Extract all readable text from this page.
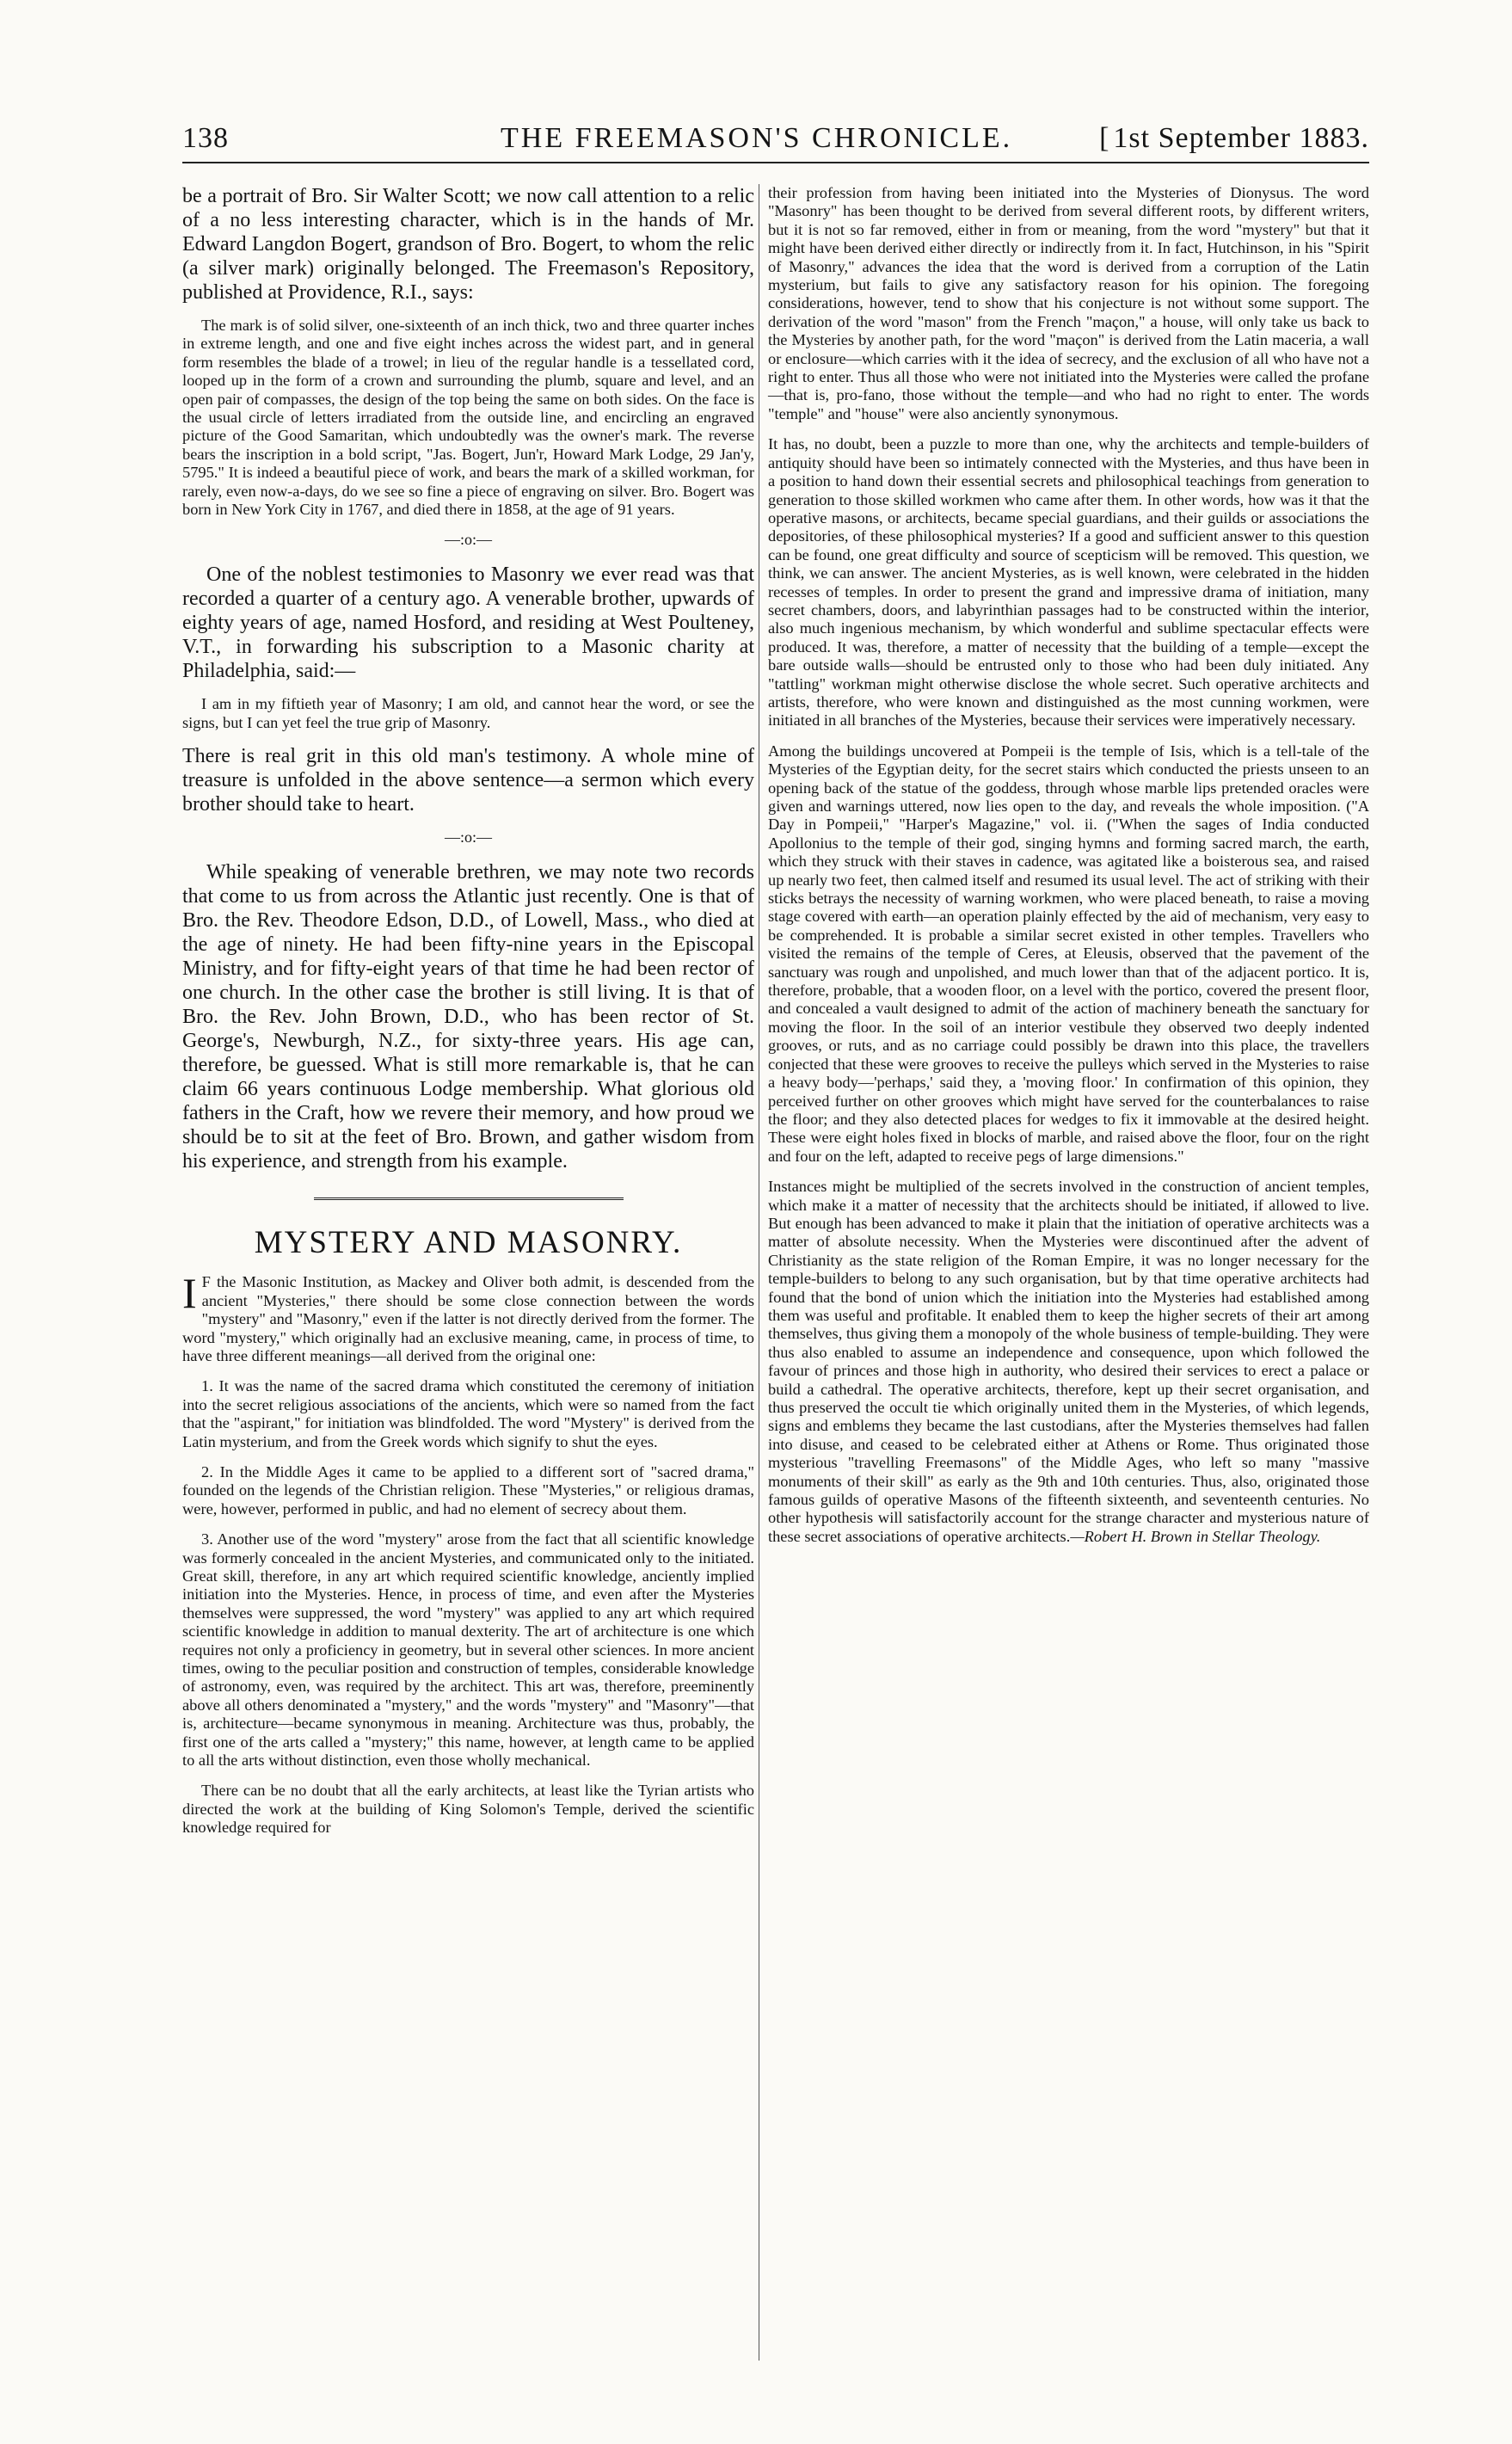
138	THE FREEMASON'S CHRONICLE.
[	1st September 1883.

be a portrait of Bro. Sir Walter Scott; we now call attention to a relic of a no less interesting character, which is in the hands of Mr. Edward Langdon Bogert, grandson of Bro. Bogert, to whom the relic (a silver mark) originally belonged. The Freemason's Repository, published at Providence, R.I., says:

The mark is of solid silver, one-sixteenth of an inch thick, two and three quarter inches in extreme length, and one and five eight inches across the widest part, and in general form resembles the blade of a trowel; in lieu of the regular handle is a tessellated cord, looped up in the form of a crown and surrounding the plumb, square and level, and an open pair of compasses, the design of the top being the same on both sides. On the face is the usual circle of letters irradiated from the outside line, and encircling an engraved picture of the Good Samaritan, which undoubtedly was the owner's mark. The reverse bears the inscription in a bold script, "Jas. Bogert, Jun'r, Howard Mark Lodge, 29 Jan'y, 5795." It is indeed a beautiful piece of work, and bears the mark of a skilled workman, for rarely, even now-a-days, do we see so fine a piece of engraving on silver. Bro. Bogert was born in New York City in 1767, and died there in 1858, at the age of 91 years.

—:o:—

One of the noblest testimonies to Masonry we ever read was that recorded a quarter of a century ago. A venerable brother, upwards of eighty years of age, named Hosford, and residing at West Poulteney, V.T., in forwarding his subscription to a Masonic charity at Philadelphia, said:—

I am in my fiftieth year of Masonry; I am old, and cannot hear the word, or see the signs, but I can yet feel the true grip of Masonry.

There is real grit in this old man's testimony. A whole mine of treasure is unfolded in the above sentence—a sermon which every brother should take to heart.

—:o:—

While speaking of venerable brethren, we may note two records that come to us from across the Atlantic just recently. One is that of Bro. the Rev. Theodore Edson, D.D., of Lowell, Mass., who died at the age of ninety. He had been fifty-nine years in the Episcopal Ministry, and for fifty-eight years of that time he had been rector of one church. In the other case the brother is still living. It is that of Bro. the Rev. John Brown, D.D., who has been rector of St. George's, Newburgh, N.Z., for sixty-three years. His age can, therefore, be guessed. What is still more remarkable is, that he can claim 66 years continuous Lodge membership. What glorious old fathers in the Craft, how we revere their memory, and how proud we should be to sit at the feet of Bro. Brown, and gather wisdom from his experience, and strength from his example.

MYSTERY AND MASONRY.

I F the Masonic Institution, as Mackey and Oliver both admit, is descended from the ancient "Mysteries," there should be some close connection between the words "mystery" and "Masonry," even if the latter is not directly derived from the former. The word "mystery," which originally had an exclusive meaning, came, in process of time, to have three different meanings—all derived from the original one:

1. It was the name of the sacred drama which constituted the ceremony of initiation into the secret religious associations of the ancients, which were so named from the fact that the "aspirant," for initiation was blindfolded. The word "Mystery" is derived from the Latin mysterium, and from the Greek words which signify to shut the eyes.

2. In the Middle Ages it came to be applied to a different sort of "sacred drama," founded on the legends of the Christian religion. These "Mysteries," or religious dramas, were, however, performed in public, and had no element of secrecy about them.

3. Another use of the word "mystery" arose from the fact that all scientific knowledge was formerly concealed in the ancient Mysteries, and communicated only to the initiated. Great skill, therefore, in any art which required scientific knowledge, anciently implied initiation into the Mysteries. Hence, in process of time, and even after the Mysteries themselves were suppressed, the word "mystery" was applied to any art which required scientific knowledge in addition to manual dexterity. The art of architecture is one which requires not only a proficiency in geometry, but in several other sciences. In more ancient times, owing to the peculiar position and construction of temples, considerable knowledge of astronomy, even, was required by the architect. This art was, therefore, preeminently above all others denominated a "mystery," and the words "mystery" and "Masonry"—that is, architecture—became synonymous in meaning. Architecture was thus, probably, the first one of the arts called a "mystery;" this name, however, at length came to be applied to all the arts without distinction, even those wholly mechanical.

There can be no doubt that all the early architects, at least like the Tyrian artists who directed the work at the building of King Solomon's Temple, derived the scientific knowledge required for

their profession from having been initiated into the Mysteries of Dionysus. The word "Masonry" has been thought to be derived from several different roots, by different writers, but it is not so far removed, either in from or meaning, from the word "mystery" but that it might have been derived either directly or indirectly from it. In fact, Hutchinson, in his "Spirit of Masonry," advances the idea that the word is derived from a corruption of the Latin mysterium, but fails to give any satisfactory reason for his opinion. The foregoing considerations, however, tend to show that his conjecture is not without some support. The derivation of the word "mason" from the French "maçon," a house, will only take us back to the Mysteries by another path, for the word "maçon" is derived from the Latin maceria, a wall or enclosure—which carries with it the idea of secrecy, and the exclusion of all who have not a right to enter. Thus all those who were not initiated into the Mysteries were called the profane—that is, pro-fano, those without the temple—and who had no right to enter. The words "temple" and "house" were also anciently synonymous.

It has, no doubt, been a puzzle to more than one, why the architects and temple-builders of antiquity should have been so intimately connected with the Mysteries, and thus have been in a position to hand down their essential secrets and philosophical teachings from generation to generation to those skilled workmen who came after them. In other words, how was it that the operative masons, or architects, became special guardians, and their guilds or associations the depositories, of these philosophical mysteries? If a good and sufficient answer to this question can be found, one great difficulty and source of scepticism will be removed. This question, we think, we can answer. The ancient Mysteries, as is well known, were celebrated in the hidden recesses of temples. In order to present the grand and impressive drama of initiation, many secret chambers, doors, and labyrinthian passages had to be constructed within the interior, also much ingenious mechanism, by which wonderful and sublime spectacular effects were produced. It was, therefore, a matter of necessity that the building of a temple—except the bare outside walls—should be entrusted only to those who had been duly initiated. Any "tattling" workman might otherwise disclose the whole secret. Such operative architects and artists, therefore, who were known and distinguished as the most cunning workmen, were initiated in all branches of the Mysteries, because their services were imperatively necessary.

Among the buildings uncovered at Pompeii is the temple of Isis, which is a tell-tale of the Mysteries of the Egyptian deity, for the secret stairs which conducted the priests unseen to an opening back of the statue of the goddess, through whose marble lips pretended oracles were given and warnings uttered, now lies open to the day, and reveals the whole imposition. ("A Day in Pompeii," "Harper's Magazine," vol. ii. ("When the sages of India conducted Apollonius to the temple of their god, singing hymns and forming sacred march, the earth, which they struck with their staves in cadence, was agitated like a boisterous sea, and raised up nearly two feet, then calmed itself and resumed its usual level. The act of striking with their sticks betrays the necessity of warning workmen, who were placed beneath, to raise a moving stage covered with earth—an operation plainly effected by the aid of mechanism, very easy to be comprehended. It is probable a similar secret existed in other temples. Travellers who visited the remains of the temple of Ceres, at Eleusis, observed that the pavement of the sanctuary was rough and unpolished, and much lower than that of the adjacent portico. It is, therefore, probable, that a wooden floor, on a level with the portico, covered the present floor, and concealed a vault designed to admit of the action of machinery beneath the sanctuary for moving the floor. In the soil of an interior vestibule they observed two deeply indented grooves, or ruts, and as no carriage could possibly be drawn into this place, the travellers conjected that these were grooves to receive the pulleys which served in the Mysteries to raise a heavy body—'perhaps,' said they, a 'moving floor.' In confirmation of this opinion, they perceived further on other grooves which might have served for the counterbalances to raise the floor; and they also detected places for wedges to fix it immovable at the desired height. These were eight holes fixed in blocks of marble, and raised above the floor, four on the right and four on the left, adapted to receive pegs of large dimensions."

Instances might be multiplied of the secrets involved in the construction of ancient temples, which make it a matter of necessity that the architects should be initiated, if allowed to live. But enough has been advanced to make it plain that the initiation of operative architects was a matter of absolute necessity. When the Mysteries were discontinued after the advent of Christianity as the state religion of the Roman Empire, it was no longer necessary for the temple-builders to belong to any such organisation, but by that time operative architects had found that the bond of union which the initiation into the Mysteries had established among them was useful and profitable. It enabled them to keep the higher secrets of their art among themselves, thus giving them a monopoly of the whole business of temple-building. They were thus also enabled to assume an independence and consequence, upon which followed the favour of princes and those high in authority, who desired their services to erect a palace or build a cathedral. The operative architects, therefore, kept up their secret organisation, and thus preserved the occult tie which originally united them in the Mysteries, of which legends, signs and emblems they became the last custodians, after the Mysteries themselves had fallen into disuse, and ceased to be celebrated either at Athens or Rome. Thus originated those mysterious "travelling Freemasons" of the Middle Ages, who left so many "massive monuments of their skill" as early as the 9th and 10th centuries. Thus, also, originated those famous guilds of operative Masons of the fifteenth sixteenth, and seventeenth centuries. No other hypothesis will satisfactorily account for the strange character and mysterious nature of these secret associations of operative architects.—Robert H. Brown in Stellar Theology.
